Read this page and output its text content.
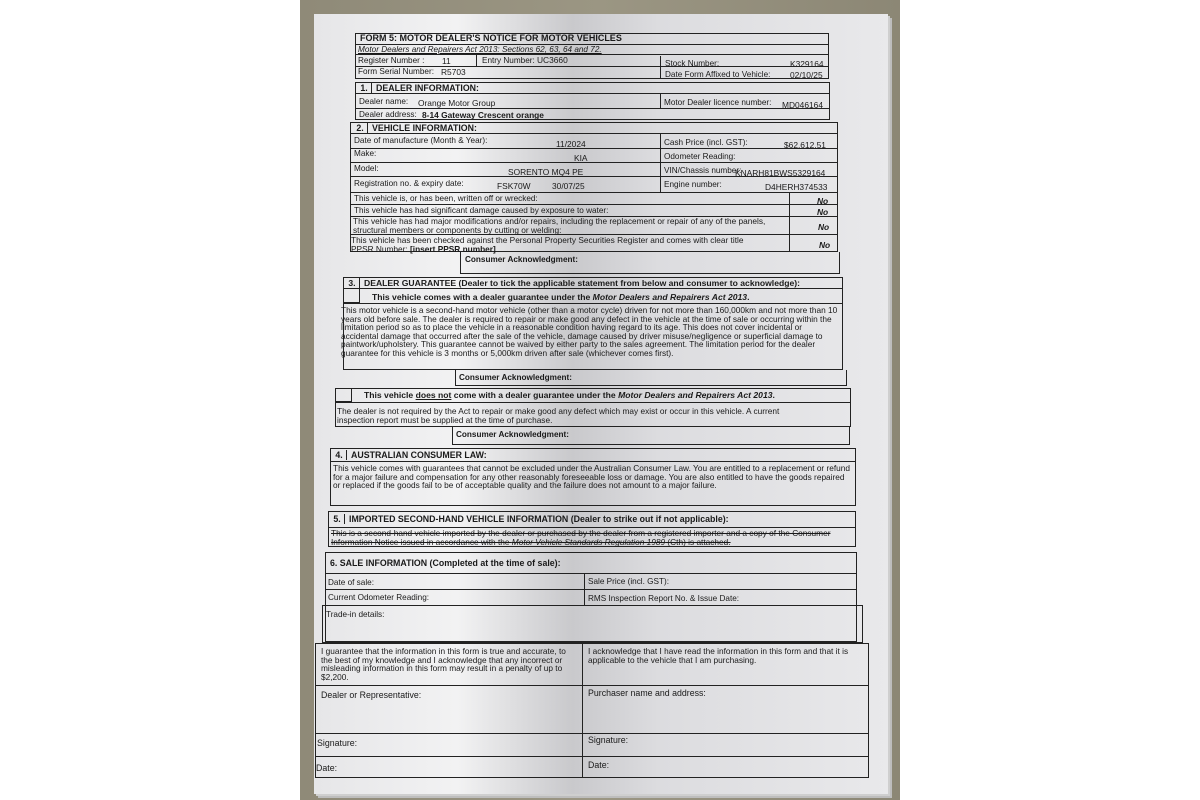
FORM 5: MOTOR DEALER'S NOTICE FOR MOTOR VEHICLES
Motor Dealers and Repairers Act 2013: Sections 62, 63, 64 and 72.
Register Number : 11	Entry Number: UC3660	Stock Number:	K329164
Form Serial Number: R5703	Date Form Affixed to Vehicle: 02/10/25
1. DEALER INFORMATION:
Dealer name: Orange Motor Group	Motor Dealer licence number: MD046164
Dealer address: 8-14 Gateway Crescent orange
2. VEHICLE INFORMATION:
Date of manufacture (Month & Year):	11/2024	Cash Price (incl. GST):	$62,612.51
Make:	KIA	Odometer Reading:
Model:	SORENTO MQ4 PE	VIN/Chassis number:
KNARH81BWS5329164
Registration no. & expiry date:	FSK70W	30/07/25	Engine number:	D4HERH374533
This vehicle is, or has been, written off or wrecked:	No
This vehicle has had significant damage caused by exposure to water:	No
This vehicle has had major modifications and/or repairs, including the replacement or repair of any of the panels, structural members or components by cutting or welding:	No
This vehicle has been checked against the Personal Property Securities Register and comes with clear title
PPSR Number: [insert PPSR number]	No
Consumer Acknowledgment:
3. DEALER GUARANTEE (Dealer to tick the applicable statement from below and consumer to acknowledge):
This vehicle comes with a dealer guarantee under the Motor Dealers and Repairers Act 2013.
This motor vehicle is a second-hand motor vehicle (other than a motor cycle) driven for not more than 160,000km and not more than 10 years old before sale. The dealer is required to repair or make good any defect in the vehicle at the time of sale or occurring within the limitation period so as to place the vehicle in a reasonable condition having regard to its age. This does not cover incidental or accidental damage that occurred after the sale of the vehicle, damage caused by driver misuse/negligence or superficial damage to paintwork/upholstery. This guarantee cannot be waived by either party to the sales agreement. The limitation period for the dealer guarantee for this vehicle is 3 months or 5,000km driven after sale (whichever comes first).
Consumer Acknowledgment:
This vehicle does not come with a dealer guarantee under the Motor Dealers and Repairers Act 2013.
The dealer is not required by the Act to repair or make good any defect which may exist or occur in this vehicle. A current inspection report must be supplied at the time of purchase.
Consumer Acknowledgment:
4. AUSTRALIAN CONSUMER LAW:
This vehicle comes with guarantees that cannot be excluded under the Australian Consumer Law. You are entitled to a replacement or refund for a major failure and compensation for any other reasonably foreseeable loss or damage. You are also entitled to have the goods repaired or replaced if the goods fail to be of acceptable quality and the failure does not amount to a major failure.
5. IMPORTED SECOND-HAND VEHICLE INFORMATION (Dealer to strike out if not applicable):
This is a second-hand vehicle imported by the dealer or purchased by the dealer from a registered importer and a copy of the Consumer Information Notice issued in accordance with the Motor Vehicle Standards Regulation 1989 (Cth) is attached.
6. SALE INFORMATION (Completed at the time of sale):
Date of sale:	Sale Price (incl. GST):
Current Odometer Reading:	RMS Inspection Report No. & Issue Date:
Trade-in details:
I guarantee that the information in this form is true and accurate, to the best of my knowledge and I acknowledge that any incorrect or misleading information in this form may result in a penalty of up to $2,200.
I acknowledge that I have read the information in this form and that it is applicable to the vehicle that I am purchasing.
Dealer or Representative:	Purchaser name and address:
Signature:	Signature:
Date:	Date:
